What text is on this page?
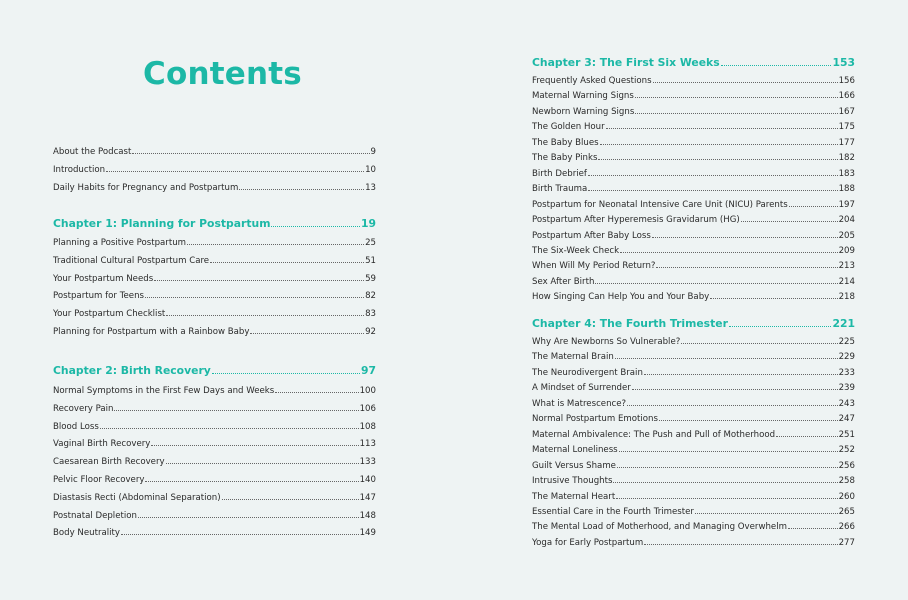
Contents
About the Podcast	9
Introduction	10
Daily Habits for Pregnancy and Postpartum	13
Chapter 1: Planning for Postpartum	19
Planning a Positive Postpartum	25
Traditional Cultural Postpartum Care	51
Your Postpartum Needs	59
Postpartum for Teens	82
Your Postpartum Checklist	83
Planning for Postpartum with a Rainbow Baby	92
Chapter 2: Birth Recovery	97
Normal Symptoms in the First Few Days and Weeks	100
Recovery Pain	106
Blood Loss	108
Vaginal Birth Recovery	113
Caesarean Birth Recovery	133
Pelvic Floor Recovery	140
Diastasis Recti (Abdominal Separation)	147
Postnatal Depletion	148
Body Neutrality	149
Chapter 3: The First Six Weeks	153
Frequently Asked Questions	156
Maternal Warning Signs	166
Newborn Warning Signs	167
The Golden Hour	175
The Baby Blues	177
The Baby Pinks	182
Birth Debrief	183
Birth Trauma	188
Postpartum for Neonatal Intensive Care Unit (NICU) Parents	197
Postpartum After Hyperemesis Gravidarum (HG)	204
Postpartum After Baby Loss	205
The Six-Week Check	209
When Will My Period Return?	213
Sex After Birth	214
How Singing Can Help You and Your Baby	218
Chapter 4: The Fourth Trimester	221
Why Are Newborns So Vulnerable?	225
The Maternal Brain	229
The Neurodivergent Brain	233
A Mindset of Surrender	239
What is Matrescence?	243
Normal Postpartum Emotions	247
Maternal Ambivalence: The Push and Pull of Motherhood	251
Maternal Loneliness	252
Guilt Versus Shame	256
Intrusive Thoughts	258
The Maternal Heart	260
Essential Care in the Fourth Trimester	265
The Mental Load of Motherhood, and Managing Overwhelm	266
Yoga for Early Postpartum	277
